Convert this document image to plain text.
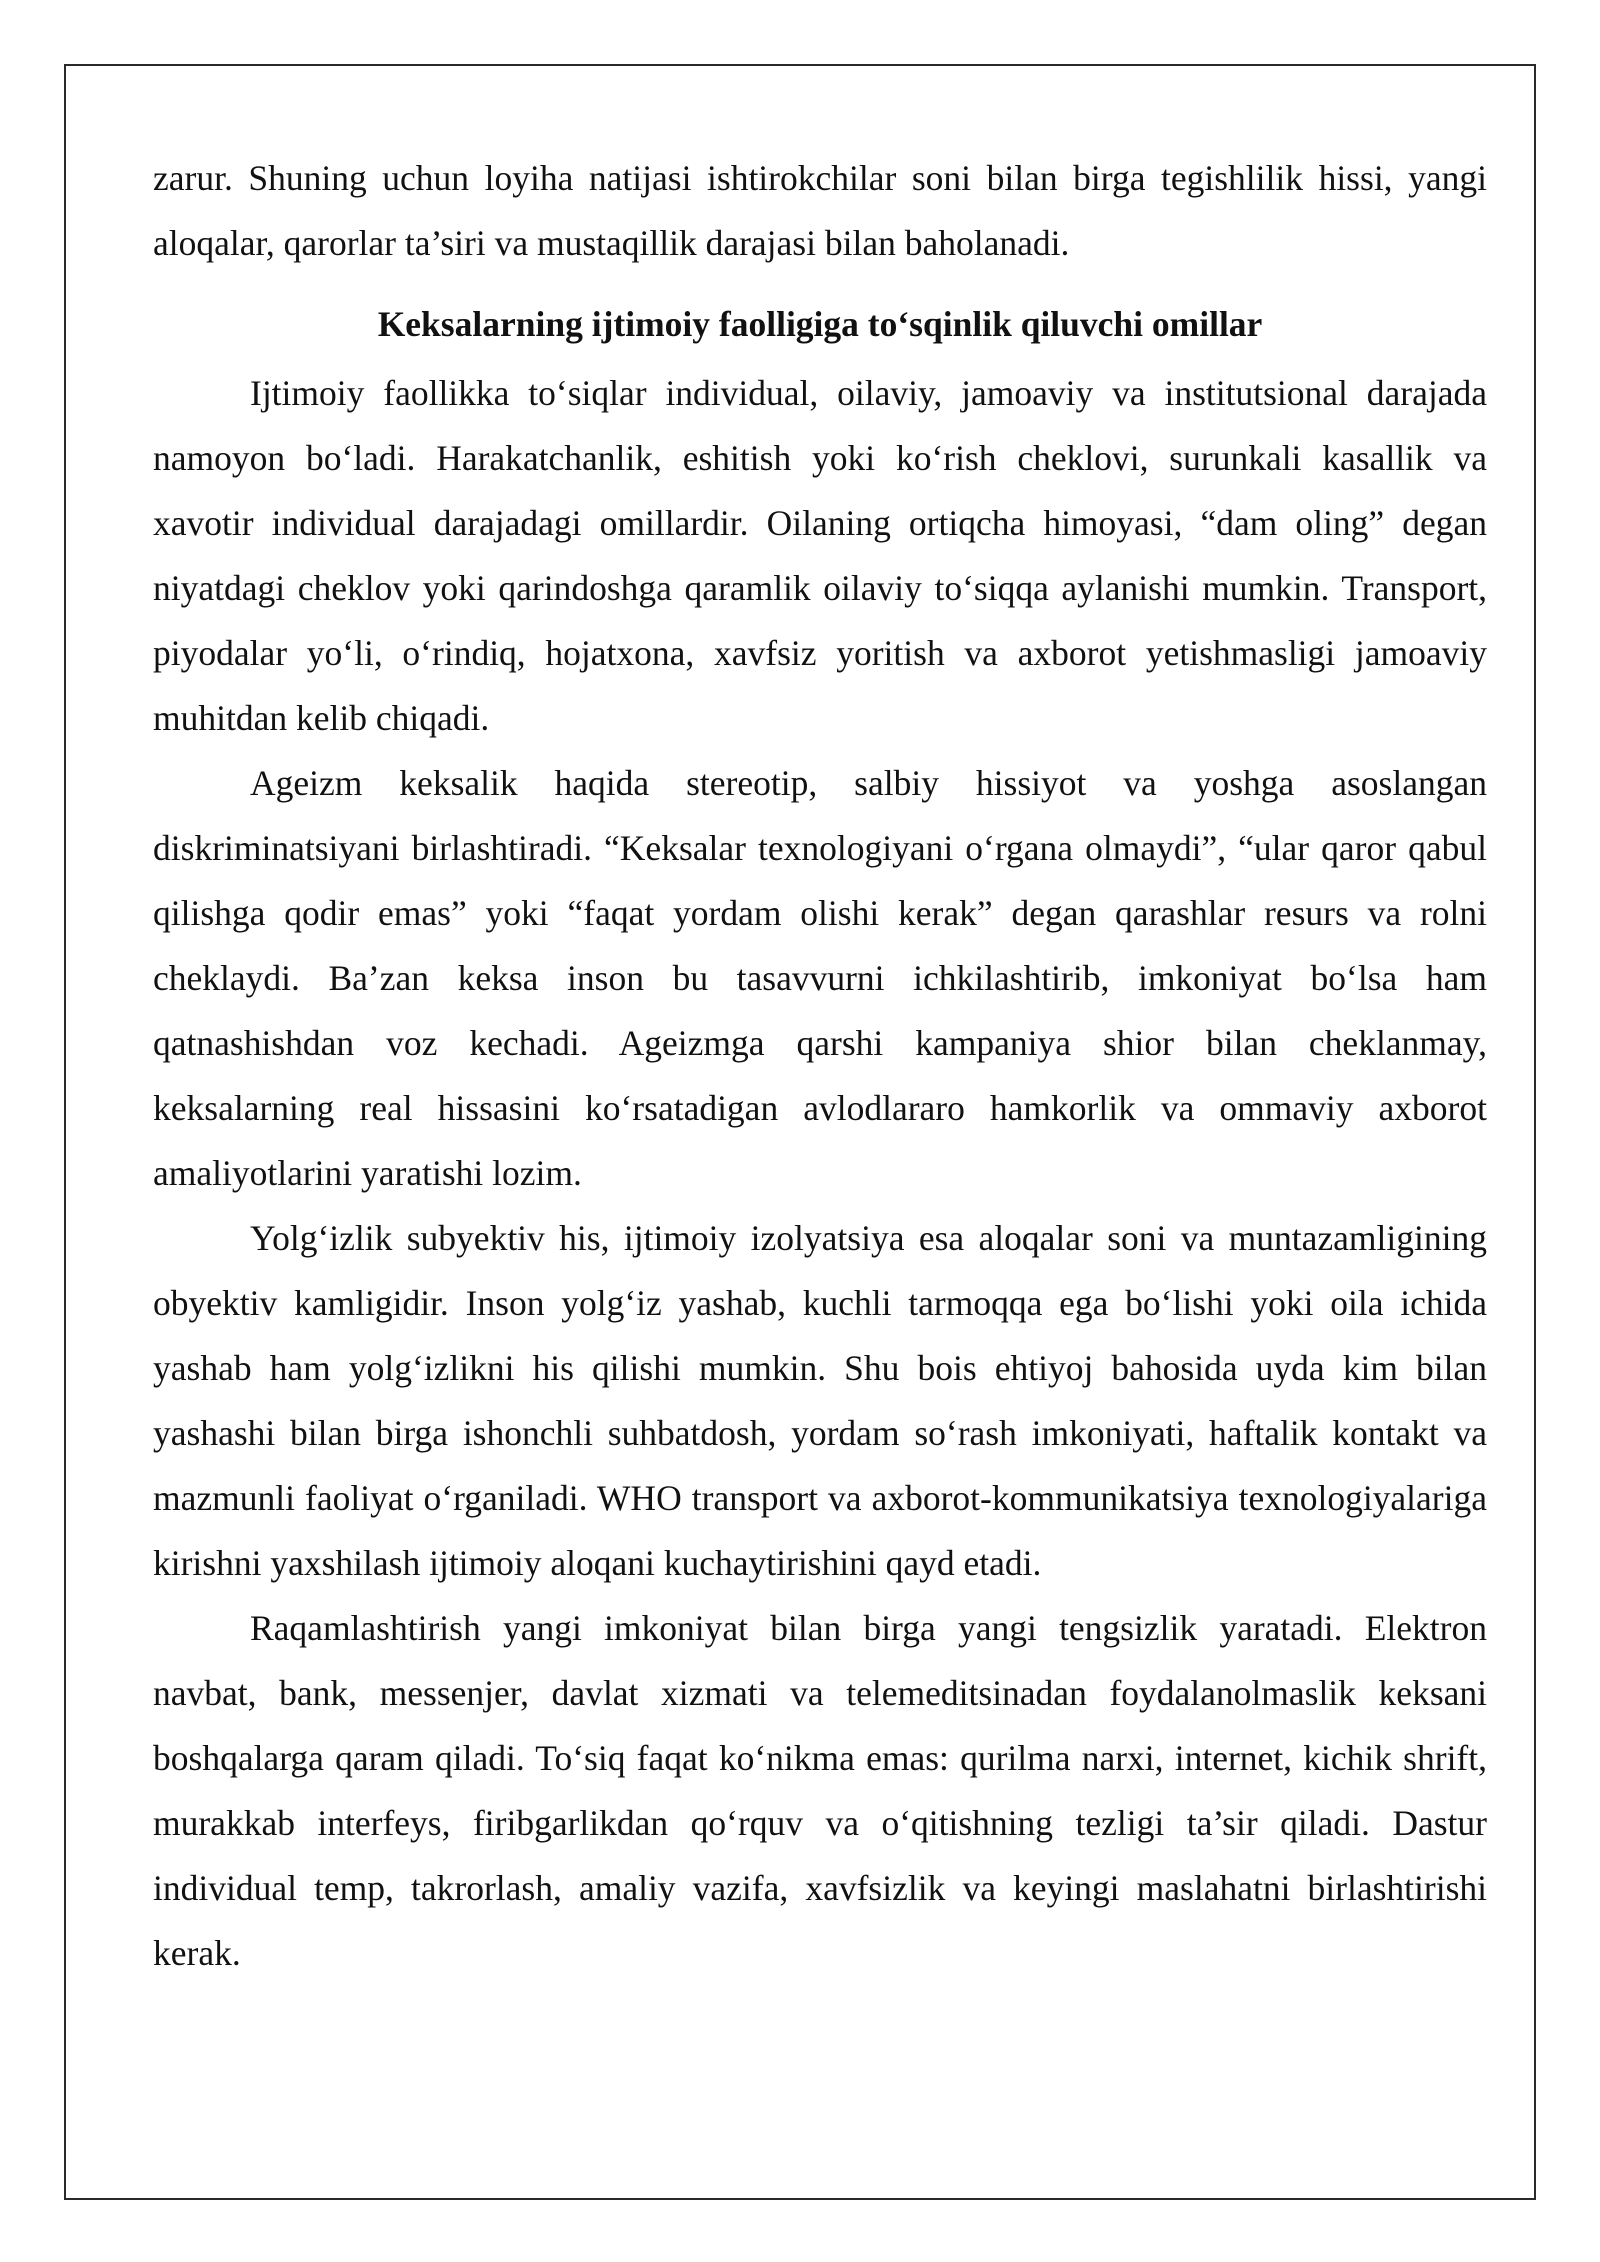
zarur. Shuning uchun loyiha natijasi ishtirokchilar soni bilan birga tegishlilik hissi, yangi aloqalar, qarorlar ta’siri va mustaqillik darajasi bilan baholanadi.

Keksalarning ijtimoiy faolligiga to‘sqinlik qiluvchi omillar

Ijtimoiy faollikka to‘siqlar individual, oilaviy, jamoaviy va institutsional darajada namoyon bo‘ladi. Harakatchanlik, eshitish yoki ko‘rish cheklovi, surunkali kasallik va xavotir individual darajadagi omillardir. Oilaning ortiqcha himoyasi, “dam oling” degan niyatdagi cheklov yoki qarindoshga qaramlik oilaviy to‘siqqa aylanishi mumkin. Transport, piyodalar yo‘li, o‘rindiq, hojatxona, xavfsiz yoritish va axborot yetishmasligi jamoaviy muhitdan kelib chiqadi.

Ageizm keksalik haqida stereotip, salbiy hissiyot va yoshga asoslangan diskriminatsiyani birlashtiradi. “Keksalar texnologiyani o‘rgana olmaydi”, “ular qaror qabul qilishga qodir emas” yoki “faqat yordam olishi kerak” degan qarashlar resurs va rolni cheklaydi. Ba’zan keksa inson bu tasavvurni ichkilashtirib, imkoniyat bo‘lsa ham qatnashishdan voz kechadi. Ageizmga qarshi kampaniya shior bilan cheklanmay, keksalarning real hissasini ko‘rsatadigan avlodlararo hamkorlik va ommaviy axborot amaliyotlarini yaratishi lozim.

Yolg‘izlik subyektiv his, ijtimoiy izolyatsiya esa aloqalar soni va muntazamligining obyektiv kamligidir. Inson yolg‘iz yashab, kuchli tarmoqqa ega bo‘lishi yoki oila ichida yashab ham yolg‘izlikni his qilishi mumkin. Shu bois ehtiyoj bahosida uyda kim bilan yashashi bilan birga ishonchli suhbatdosh, yordam so‘rash imkoniyati, haftalik kontakt va mazmunli faoliyat o‘rganiladi. WHO transport va axborot-kommunikatsiya texnologiyalariga kirishni yaxshilash ijtimoiy aloqani kuchaytirishini qayd etadi.

Raqamlashtirish yangi imkoniyat bilan birga yangi tengsizlik yaratadi. Elektron navbat, bank, messenjer, davlat xizmati va telemeditsinadan foydalanolmaslik keksani boshqalarga qaram qiladi. To‘siq faqat ko‘nikma emas: qurilma narxi, internet, kichik shrift, murakkab interfeys, firibgarlikdan qo‘rquv va o‘qitishning tezligi ta’sir qiladi. Dastur individual temp, takrorlash, amaliy vazifa, xavfsizlik va keyingi maslahatni birlashtirishi kerak.
